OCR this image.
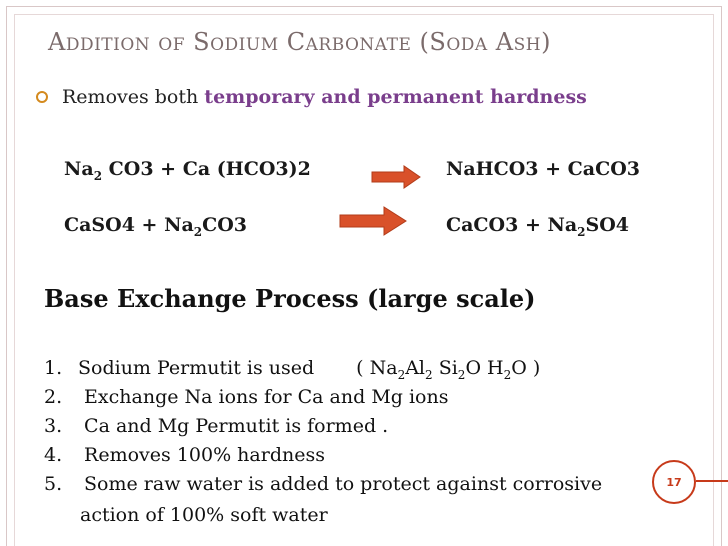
Addition of Sodium Carbonate (Soda Ash)
Removes both temporary and permanent hardness
$Na_2$ CO3 + Ca (HCO3)2	→ NaHCO3 + CaCO3
CaSO4 + $Na_2CO3$	CaCO3 + $Na_2SO4$
Base Exchange Process (large scale)
1. Sodium Permutit is used ( $Na_2Al_2$ $Si_2O$ $H_2O$ )
2. Exchange Na ions for Ca and Mg ions
3. Ca and Mg Permutit is formed .
4. Removes 100% hardness
5. Some raw water is added to protect against corrosive
action of 100% soft water
17
